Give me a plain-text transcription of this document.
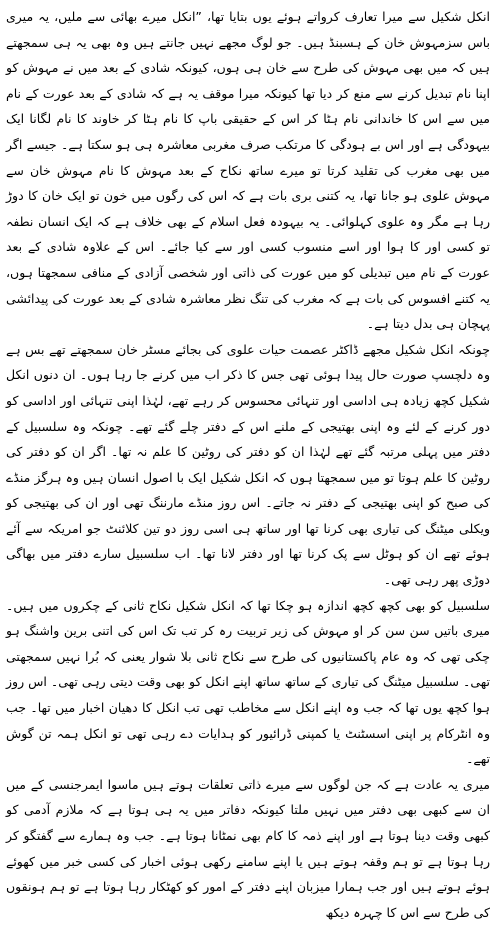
انکل شکیل سے میرا تعارف کرواتے ہوئے یوں بتایا تھا، ”انکل میرے بھائی سے ملیں، یہ میری باس سزمہوش خان کے ہسبنڈ ہیں۔ جو لوگ مجھے نہیں جانتے ہیں وہ بھی یہ ہی سمجھتے ہیں کہ میں بھی مہوش کی طرح سے خان ہی ہوں، کیونکہ شادی کے بعد میں نے مہوش کو اپنا نام تبدیل کرنے سے منع کر دیا تھا کیونکہ میرا موقف یہ ہے کہ شادی کے بعد عورت کے نام میں سے اس کا خاندانی نام ہٹا کر اس کے حقیقی باپ کا نام ہٹا کر خاوند کا نام لگانا ایک بیہودگی ہے اور اس بے ہودگی کا مرتکب صرف مغربی معاشرہ ہی ہو سکتا ہے۔ جیسے اگر میں بھی مغرب کی تقلید کرتا تو میرے ساتھ نکاح کے بعد مہوش کا نام مہوش خان سے مہوش علوی ہو جانا تھا، یہ کتنی بری بات ہے کہ اس کی رگوں میں خون تو ایک خان کا دوڑ رہا ہے مگر وہ علوی کہلوائی۔ یہ بیہودہ فعل اسلام کے بھی خلاف ہے کہ ایک انسان نطفہ تو کسی اور کا ہوا اور اسے منسوب کسی اور سے کیا جائے۔ اس کے علاوہ شادی کے بعد عورت کے نام میں تبدیلی کو میں عورت کی ذاتی اور شخصی آزادی کے منافی سمجھتا ہوں، یہ کتنے افسوس کی بات ہے کہ مغرب کی تنگ نظر معاشرہ شادی کے بعد عورت کی پیدائشی پہچان ہی بدل دیتا ہے۔

چونکہ انکل شکیل مجھے ڈاکٹر عصمت حیات علوی کی بجائے مسٹر خان سمجھتے تھے بس ہے وہ دلچسپ صورت حال پیدا ہوئی تھی جس کا ذکر اب میں کرنے جا رہا ہوں۔ ان دنوں انکل شکیل کچھ زیادہ ہی اداسی اور تنہائی محسوس کر رہے تھے، لہٰذا اپنی تنہائی اور اداسی کو دور کرنے کے لئے وہ اپنی بھتیجی کے ملنے اس کے دفتر چلے گئے تھے۔ چونکہ وہ سلسبیل کے دفتر میں پہلی مرتبہ گئے تھے لہٰذا ان کو دفتر کی روٹین کا علم نہ تھا۔ اگر ان کو دفتر کی روٹین کا علم ہوتا تو میں سمجھتا ہوں کہ انکل شکیل ایک با اصول انسان ہیں وہ ہرگز منڈے کی صبح کو اپنی بھتیجی کے دفتر نہ جاتے۔ اس روز منڈے مارننگ تھی اور ان کی بھتیجی کو ویکلی میٹنگ کی تیاری بھی کرنا تھا اور ساتھ ہی اسی روز دو تین کلائنٹ جو امریکہ سے آئے ہوئے تھے ان کو ہوٹل سے پک کرنا تھا اور دفتر لانا تھا۔ اب سلسبیل سارے دفتر میں بھاگی دوڑی پھر رہی تھی۔

سلسبیل کو بھی کچھ کچھ اندازہ ہو چکا تھا کہ انکل شکیل نکاح ثانی کے چکروں میں ہیں۔ میری باتیں سن سن کر او مہوش کی زیر تربیت رہ کر تب تک اس کی اتنی برین واشنگ ہو چکی تھی کہ وہ عام پاکستانیوں کی طرح سے نکاح ثانی بلا شوار یعنی کہ بُرا نہیں سمجھتی تھی۔ سلسبیل میٹنگ کی تیاری کے ساتھ ساتھ اپنے انکل کو بھی وقت دیتی رہی تھی۔ اس روز ہوا کچھ یوں تھا کہ جب وہ اپنے انکل سے مخاطب تھی تب انکل کا دھیان اخبار میں تھا۔ جب وہ انٹرکام پر اپنی اسسٹنٹ یا کمپنی ڈرائیور کو ہدایات دے رہی تھی تو انکل ہمہ تن گوش تھے۔

میری یہ عادت ہے کہ جن لوگوں سے میرے ذاتی تعلقات ہوتے ہیں ماسوا ایمرجنسی کے میں ان سے کبھی بھی دفتر میں نہیں ملتا کیونکہ دفاتر میں یہ ہی ہوتا ہے کہ ملازم آدمی کو کبھی وقت دینا ہوتا ہے اور اپنے ذمہ کا کام بھی نمٹانا ہوتا ہے۔ جب وہ ہمارے سے گفتگو کر رہا ہوتا ہے تو ہم وقفہ ہوتے ہیں یا اپنے سامنے رکھی ہوئی اخبار کی کسی خبر میں کھوئے ہوئے ہوتے ہیں اور جب ہمارا میزبان اپنے دفتر کے امور کو کھٹکار رہا ہوتا ہے تو ہم ہونقوں کی طرح سے اس کا چہرہ دیکھ
